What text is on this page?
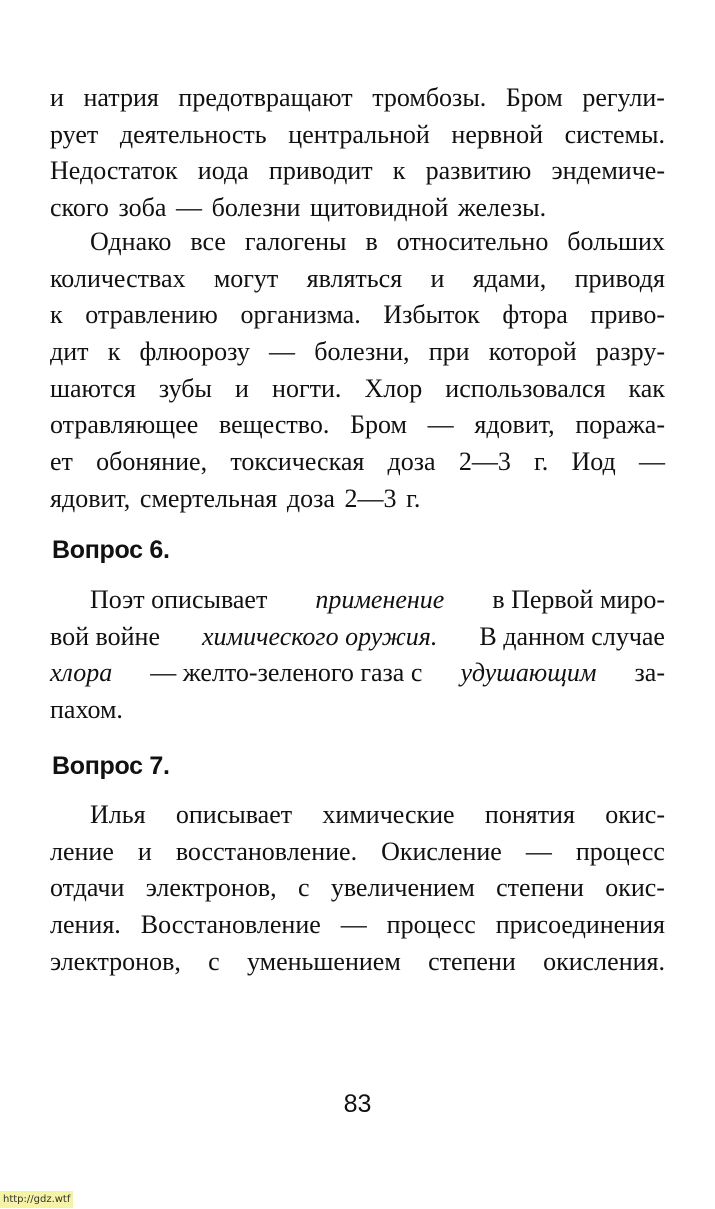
и натрия предотвращают тромбозы. Бром регули-
рует деятельность центральной нервной системы.
Недостаток иода приводит к развитию эндемиче-
ского зоба — болезни щитовидной железы.
Однако все галогены в относительно больших
количествах могут являться и ядами, приводя
к отравлению организма. Избыток фтора приво-
дит к флюорозу — болезни, при которой разру-
шаются зубы и ногти. Хлор использовался как
отравляющее вещество. Бром — ядовит, поража-
ет обоняние, токсическая доза 2—3 г. Иод —
ядовит, смертельная доза 2—3 г.
Вопрос 6.
Поэт описывает применение в Первой миро-
вой войне химического оружия. В данном случае
хлора — желто-зеленого газа с удушающим за-
пахом.
Вопрос 7.
Илья описывает химические понятия окис-
ление и восстановление. Окисление — процесс
отдачи электронов, с увеличением степени окис-
ления. Восстановление — процесс присоединения
электронов, с уменьшением степени окисления.
83
http://gdz.wtf
